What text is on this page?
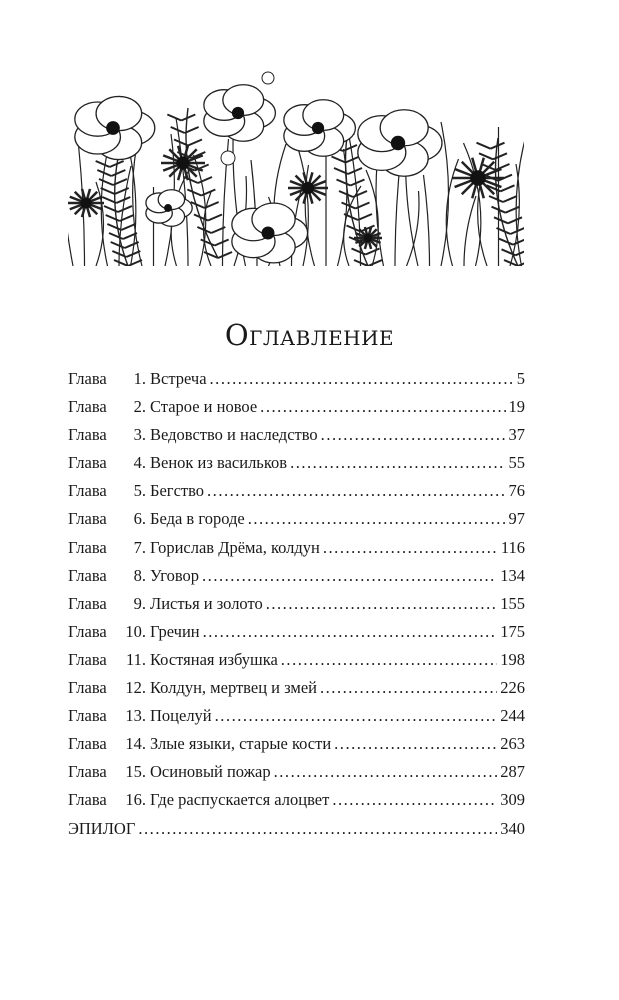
Оглавление
Глава	1. Встреча . . .	5
Глава	2. Старое и новое . . .	19
Глава	3. Ведовство и наследство . . .	37
Глава	4. Венок из васильков . . .	55
Глава	5. Бегство . . .	76
Глава	6. Беда в городе . . .	97
Глава	7. Горислав Дрёма, колдун . . .	116
Глава	8. Уговор . . .	134
Глава	9. Листья и золото . . .	155
Глава	10. Гречин . . .	175
Глава	11. Костяная избушка . . .	198
Глава	12. Колдун, мертвец и змей . . .	226
Глава	13. Поцелуй . . .	244
Глава	14. Злые языки, старые кости . . .	263
Глава	15. Осиновый пожар . . .	287
Глава	16. Где распускается алоцвет . . .	309
ЭПИЛОГ . . .	340
